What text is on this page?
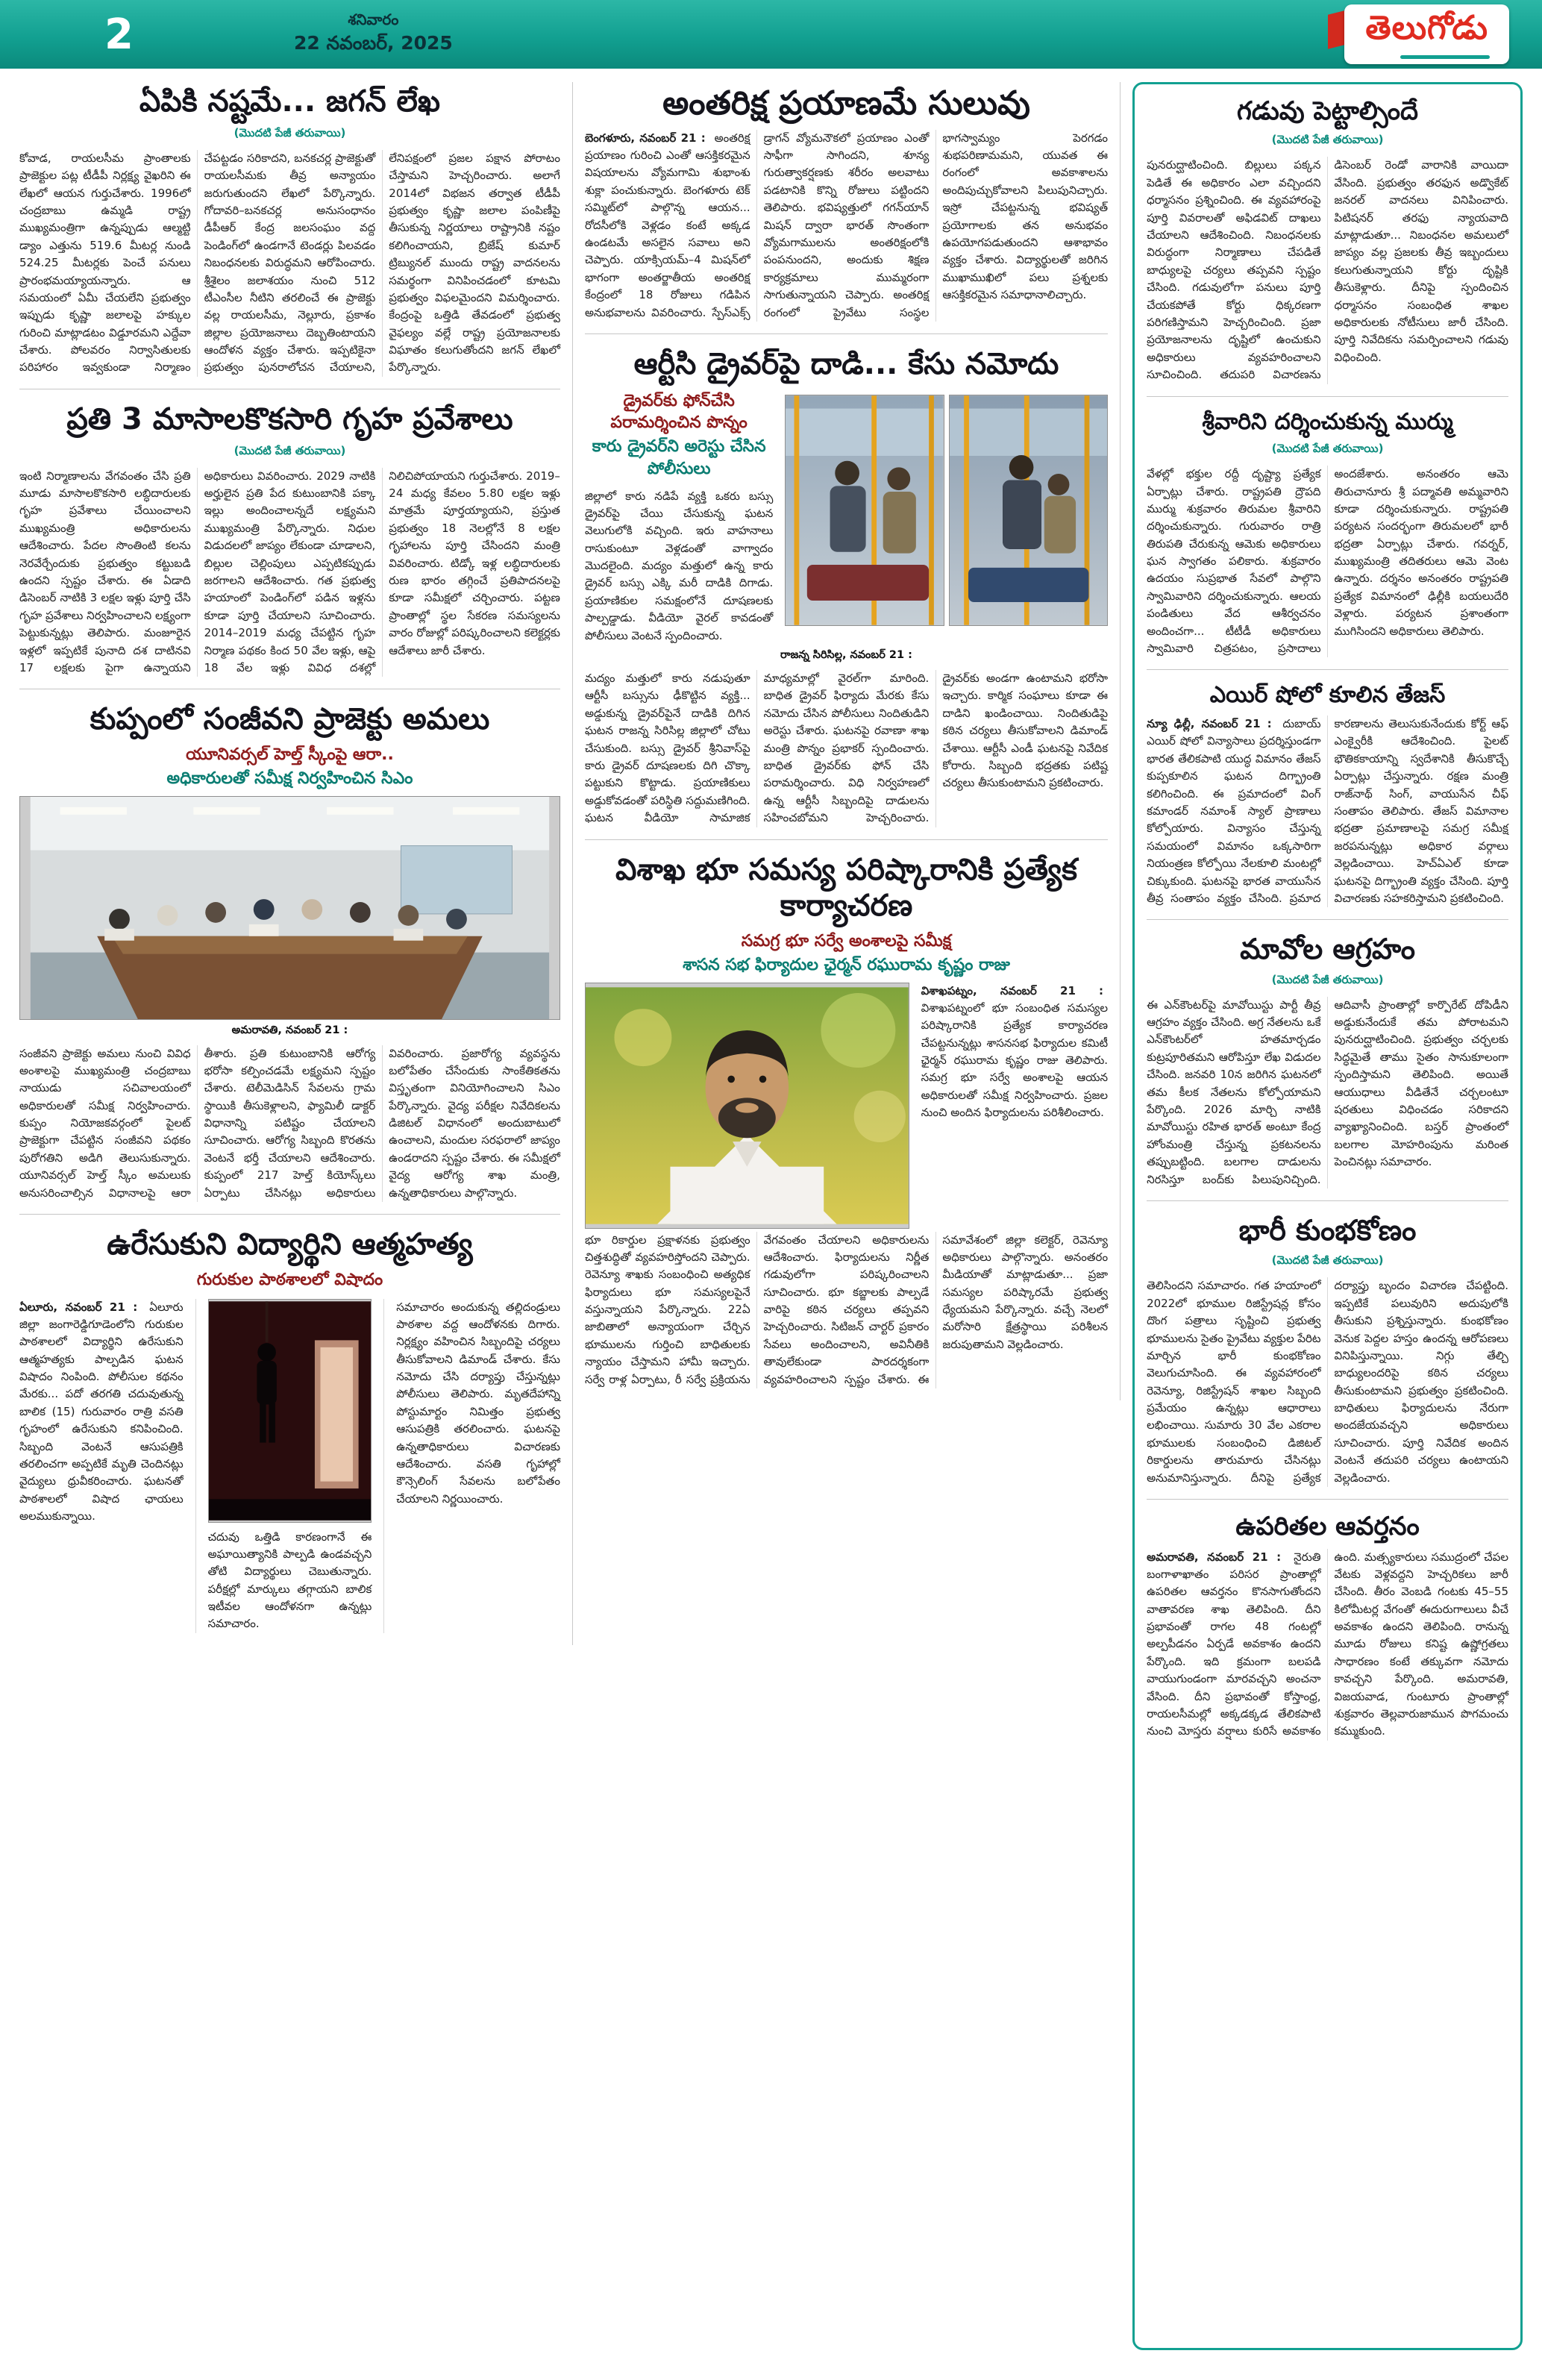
2	శనివారం
22 నవంబర్, 2025	తెలుగోడు
ఏపికి నష్టమే... జగన్ లేఖ
(మొదటి పేజీ తరువాయి)
కోవాడ, రాయలసీమ ప్రాంతాలకు ప్రాజెక్టుల పట్ల టీడీపీ నిర్లక్ష్య వైఖరిని ఈ లేఖలో ఆయన గుర్తుచేశారు. 1996లో చంద్రబాబు ఉమ్మడి రాష్ట్ర ముఖ్యమంత్రిగా ఉన్నప్పుడు ఆల్మట్టి డ్యాం ఎత్తును 519.6 మీటర్ల నుండి 524.25 మీటర్లకు పెంచే పనులు ప్రారంభమయ్యాయన్నారు. ఆ సమయంలో ఏమీ చేయలేని ప్రభుత్వం ఇప్పుడు కృష్ణా జలాలపై హక్కుల గురించి మాట్లాడటం విడ్డూరమని ఎద్దేవా చేశారు. పోలవరం నిర్వాసితులకు పరిహారం ఇవ్వకుండా నిర్మాణం చేపట్టడం సరికాదని, బనకచర్ల ప్రాజెక్టుతో రాయలసీమకు తీవ్ర అన్యాయం జరుగుతుందని లేఖలో పేర్కొన్నారు. గోదావరి–బనకచర్ల అనుసంధానం డీపీఆర్ కేంద్ర జలసంఘం వద్ద పెండింగ్‌లో ఉండగానే టెండర్లు పిలవడం నిబంధనలకు విరుద్ధమని ఆరోపించారు. శ్రీశైలం జలాశయం నుంచి 512 టీఎంసీల నీటిని తరలించే ఈ ప్రాజెక్టు వల్ల రాయలసీమ, నెల్లూరు, ప్రకాశం జిల్లాల ప్రయోజనాలు దెబ్బతింటాయని ఆందోళన వ్యక్తం చేశారు. ఇప్పటికైనా ప్రభుత్వం పునరాలోచన చేయాలని, లేనిపక్షంలో ప్రజల పక్షాన పోరాటం చేస్తామని హెచ్చరించారు. అలాగే 2014లో విభజన తర్వాత టీడీపీ ప్రభుత్వం కృష్ణా జలాల పంపిణీపై తీసుకున్న నిర్ణయాలు రాష్ట్రానికి నష్టం కలిగించాయని, బ్రిజేష్ కుమార్ ట్రిబ్యునల్ ముందు రాష్ట్ర వాదనలను సమర్థంగా వినిపించడంలో కూటమి ప్రభుత్వం విఫలమైందని విమర్శించారు. కేంద్రంపై ఒత్తిడి తేవడంలో ప్రభుత్వ వైఫల్యం వల్లే రాష్ట్ర ప్రయోజనాలకు విఘాతం కలుగుతోందని జగన్ లేఖలో పేర్కొన్నారు.
ప్రతి 3 మాసాలకొకసారి గృహ ప్రవేశాలు
(మొదటి పేజీ తరువాయి)
ఇంటి నిర్మాణాలను వేగవంతం చేసి ప్రతి మూడు మాసాలకొకసారి లబ్ధిదారులకు గృహ ప్రవేశాలు చేయించాలని ముఖ్యమంత్రి అధికారులను ఆదేశించారు. పేదల సొంతింటి కలను నెరవేర్చేందుకు ప్రభుత్వం కట్టుబడి ఉందని స్పష్టం చేశారు. ఈ ఏడాది డిసెంబర్ నాటికి 3 లక్షల ఇళ్లు పూర్తి చేసి గృహ ప్రవేశాలు నిర్వహించాలని లక్ష్యంగా పెట్టుకున్నట్లు తెలిపారు. మంజూరైన ఇళ్లలో ఇప్పటికే పునాది దశ దాటినవి 17 లక్షలకు పైగా ఉన్నాయని అధికారులు వివరించారు. 2029 నాటికి అర్హులైన ప్రతి పేద కుటుంబానికి పక్కా ఇల్లు అందించాలన్నదే లక్ష్యమని ముఖ్యమంత్రి పేర్కొన్నారు. నిధుల విడుదలలో జాప్యం లేకుండా చూడాలని, బిల్లుల చెల్లింపులు ఎప్పటికప్పుడు జరగాలని ఆదేశించారు. గత ప్రభుత్వ హయాంలో పెండింగ్‌లో పడిన ఇళ్లను కూడా పూర్తి చేయాలని సూచించారు. 2014–2019 మధ్య చేపట్టిన గృహ నిర్మాణ పథకం కింద 50 వేల ఇళ్లు, ఆపై 18 వేల ఇళ్లు వివిధ దశల్లో నిలిచిపోయాయని గుర్తుచేశారు. 2019–24 మధ్య కేవలం 5.80 లక్షల ఇళ్లు మాత్రమే పూర్తయ్యాయని, ప్రస్తుత ప్రభుత్వం 18 నెలల్లోనే 8 లక్షల గృహాలను పూర్తి చేసిందని మంత్రి వివరించారు. టిడ్కో ఇళ్ల లబ్ధిదారులకు రుణ భారం తగ్గించే ప్రతిపాదనలపై కూడా సమీక్షలో చర్చించారు. పట్టణ ప్రాంతాల్లో స్థల సేకరణ సమస్యలను వారం రోజుల్లో పరిష్కరించాలని కలెక్టర్లకు ఆదేశాలు జారీ చేశారు.
కుప్పంలో సంజీవని ప్రాజెక్టు అమలు
యూనివర్సల్ హెల్త్ స్కీంపై ఆరా..
అధికారులతో సమీక్ష నిర్వహించిన సిఎం
అమరావతి, నవంబర్ 21 :
సంజీవని ప్రాజెక్టు అమలు నుంచి వివిధ అంశాలపై ముఖ్యమంత్రి చంద్రబాబు నాయుడు సచివాలయంలో అధికారులతో సమీక్ష నిర్వహించారు. కుప్పం నియోజకవర్గంలో పైలట్ ప్రాజెక్టుగా చేపట్టిన సంజీవని పథకం పురోగతిని అడిగి తెలుసుకున్నారు. యూనివర్సల్ హెల్త్ స్కీం అమలుకు అనుసరించాల్సిన విధానాలపై ఆరా తీశారు. ప్రతి కుటుంబానికి ఆరోగ్య భరోసా కల్పించడమే లక్ష్యమని స్పష్టం చేశారు. టెలీమెడిసిన్ సేవలను గ్రామ స్థాయికి తీసుకెళ్లాలని, ఫ్యామిలీ డాక్టర్ విధానాన్ని పటిష్టం చేయాలని సూచించారు. ఆరోగ్య సిబ్బంది కొరతను వెంటనే భర్తీ చేయాలని ఆదేశించారు. కుప్పంలో 217 హెల్త్ కియోస్క్‌లు ఏర్పాటు చేసినట్లు అధికారులు వివరించారు. ప్రజారోగ్య వ్యవస్థను బలోపేతం చేసేందుకు సాంకేతికతను విస్తృతంగా వినియోగించాలని సిఎం పేర్కొన్నారు. వైద్య పరీక్షల నివేదికలను డిజిటల్ విధానంలో అందుబాటులో ఉంచాలని, మందుల సరఫరాలో జాప్యం ఉండరాదని స్పష్టం చేశారు. ఈ సమీక్షలో వైద్య ఆరోగ్య శాఖ మంత్రి, ఉన్నతాధికారులు పాల్గొన్నారు.
ఉరేసుకుని విద్యార్థిని ఆత్మహత్య
గురుకుల పాఠశాలలో విషాదం
ఏలూరు, నవంబర్ 21 : ఏలూరు జిల్లా జంగారెడ్డిగూడెంలోని గురుకుల పాఠశాలలో విద్యార్థిని ఉరేసుకుని ఆత్మహత్యకు పాల్పడిన ఘటన విషాదం నింపింది. పోలీసుల కథనం మేరకు... పదో తరగతి చదువుతున్న బాలిక (15) గురువారం రాత్రి వసతి గృహంలో ఉరేసుకుని కనిపించింది. సిబ్బంది వెంటనే ఆసుపత్రికి తరలించగా అప్పటికే మృతి చెందినట్లు వైద్యులు ధ్రువీకరించారు. ఘటనతో పాఠశాలలో విషాద ఛాయలు అలముకున్నాయి.
చదువు ఒత్తిడి కారణంగానే ఈ అఘాయిత్యానికి పాల్పడి ఉండవచ్చని తోటి విద్యార్థులు చెబుతున్నారు. పరీక్షల్లో మార్కులు తగ్గాయని బాలిక ఇటీవల ఆందోళనగా ఉన్నట్లు సమాచారం.
సమాచారం అందుకున్న తల్లిదండ్రులు పాఠశాల వద్ద ఆందోళనకు దిగారు. నిర్లక్ష్యం వహించిన సిబ్బందిపై చర్యలు తీసుకోవాలని డిమాండ్ చేశారు. కేసు నమోదు చేసి దర్యాప్తు చేస్తున్నట్లు పోలీసులు తెలిపారు. మృతదేహాన్ని పోస్టుమార్టం నిమిత్తం ప్రభుత్వ ఆసుపత్రికి తరలించారు. ఘటనపై ఉన్నతాధికారులు విచారణకు ఆదేశించారు. వసతి గృహాల్లో కౌన్సెలింగ్ సేవలను బలోపేతం చేయాలని నిర్ణయించారు.
అంతరిక్ష ప్రయాణమే సులువు
బెంగళూరు, నవంబర్ 21 : అంతరిక్ష ప్రయాణం గురించి ఎంతో ఆసక్తికరమైన విషయాలను వ్యోమగామి శుభాంశు శుక్లా పంచుకున్నారు. బెంగళూరు టెక్ సమ్మిట్‌లో పాల్గొన్న ఆయన... రోదసీలోకి వెళ్లడం కంటే అక్కడ ఉండటమే అసలైన సవాలు అని చెప్పారు. యాక్సియమ్–4 మిషన్‌లో భాగంగా అంతర్జాతీయ అంతరిక్ష కేంద్రంలో 18 రోజులు గడిపిన అనుభవాలను వివరించారు. స్పేస్‌ఎక్స్ డ్రాగన్ వ్యోమనౌకలో ప్రయాణం ఎంతో సాఫీగా సాగిందని, శూన్య గురుత్వాకర్షణకు శరీరం అలవాటు పడటానికి కొన్ని రోజులు పట్టిందని తెలిపారు. భవిష్యత్తులో గగన్‌యాన్ మిషన్ ద్వారా భారత్ సొంతంగా వ్యోమగాములను అంతరిక్షంలోకి పంపనుందని, అందుకు శిక్షణ కార్యక్రమాలు ముమ్మరంగా సాగుతున్నాయని చెప్పారు. అంతరిక్ష రంగంలో ప్రైవేటు సంస్థల భాగస్వామ్యం పెరగడం శుభపరిణామమని, యువత ఈ రంగంలో అవకాశాలను అందిపుచ్చుకోవాలని పిలుపునిచ్చారు. ఇస్రో చేపట్టనున్న భవిష్యత్ ప్రయోగాలకు తన అనుభవం ఉపయోగపడుతుందని ఆశాభావం వ్యక్తం చేశారు. విద్యార్థులతో జరిగిన ముఖాముఖిలో పలు ప్రశ్నలకు ఆసక్తికరమైన సమాధానాలిచ్చారు.
ఆర్టీసి డ్రైవర్‌పై దాడి... కేసు నమోదు
డ్రైవర్‌కు ఫోన్‌చేసి పరామర్శించిన పొన్నం
కారు డ్రైవర్‌ని అరెస్టు చేసిన పోలీసులు
జిల్లాలో కారు నడిపే వ్యక్తి ఒకరు బస్సు డ్రైవర్‌పై చేయి చేసుకున్న ఘటన వెలుగులోకి వచ్చింది. ఇరు వాహనాలు రాసుకుంటూ వెళ్లడంతో వాగ్వాదం మొదలైంది. మద్యం మత్తులో ఉన్న కారు డ్రైవర్ బస్సు ఎక్కి మరీ దాడికి దిగాడు. ప్రయాణికుల సమక్షంలోనే దూషణలకు పాల్పడ్డాడు. వీడియో వైరల్ కావడంతో పోలీసులు వెంటనే స్పందించారు.
రాజన్న సిరిసిల్ల, నవంబర్ 21 :
మద్యం మత్తులో కారు నడుపుతూ ఆర్టీసీ బస్సును ఢీకొట్టిన వ్యక్తి... అడ్డుకున్న డ్రైవర్‌పైనే దాడికి దిగిన ఘటన రాజన్న సిరిసిల్ల జిల్లాలో చోటు చేసుకుంది. బస్సు డ్రైవర్ శ్రీనివాస్‌పై కారు డ్రైవర్ దూషణలకు దిగి చొక్కా పట్టుకుని కొట్టాడు. ప్రయాణికులు అడ్డుకోవడంతో పరిస్థితి సద్దుమణిగింది. ఘటన వీడియో సామాజిక మాధ్యమాల్లో వైరల్‌గా మారింది. బాధిత డ్రైవర్ ఫిర్యాదు మేరకు కేసు నమోదు చేసిన పోలీసులు నిందితుడిని అరెస్టు చేశారు. ఘటనపై రవాణా శాఖ మంత్రి పొన్నం ప్రభాకర్ స్పందించారు. బాధిత డ్రైవర్‌కు ఫోన్ చేసి పరామర్శించారు. విధి నిర్వహణలో ఉన్న ఆర్టీసీ సిబ్బందిపై దాడులను సహించబోమని హెచ్చరించారు. డ్రైవర్‌కు అండగా ఉంటామని భరోసా ఇచ్చారు. కార్మిక సంఘాలు కూడా ఈ దాడిని ఖండించాయి. నిందితుడిపై కఠిన చర్యలు తీసుకోవాలని డిమాండ్ చేశాయి. ఆర్టీసీ ఎండీ ఘటనపై నివేదిక కోరారు. సిబ్బంది భద్రతకు పటిష్ట చర్యలు తీసుకుంటామని ప్రకటించారు.
విశాఖ భూ సమస్య పరిష్కారానికి ప్రత్యేక కార్యాచరణ
సమగ్ర భూ సర్వే అంశాలపై సమీక్ష
శాసన సభ ఫిర్యాదుల ఛైర్మన్ రఘురామ కృష్ణం రాజు
విశాఖపట్నం, నవంబర్ 21 : విశాఖపట్నంలో భూ సంబంధిత సమస్యల పరిష్కారానికి ప్రత్యేక కార్యాచరణ చేపట్టనున్నట్లు శాసనసభ ఫిర్యాదుల కమిటీ ఛైర్మన్ రఘురామ కృష్ణం రాజు తెలిపారు. సమగ్ర భూ సర్వే అంశాలపై ఆయన అధికారులతో సమీక్ష నిర్వహించారు. ప్రజల నుంచి అందిన ఫిర్యాదులను పరిశీలించారు.
భూ రికార్డుల ప్రక్షాళనకు ప్రభుత్వం చిత్తశుద్ధితో వ్యవహరిస్తోందని చెప్పారు. రెవెన్యూ శాఖకు సంబంధించి అత్యధిక ఫిర్యాదులు భూ సమస్యలపైనే వస్తున్నాయని పేర్కొన్నారు. 22ఏ జాబితాలో అన్యాయంగా చేర్చిన భూములను గుర్తించి బాధితులకు న్యాయం చేస్తామని హామీ ఇచ్చారు. సర్వే రాళ్ల ఏర్పాటు, రీ సర్వే ప్రక్రియను వేగవంతం చేయాలని అధికారులను ఆదేశించారు. ఫిర్యాదులను నిర్ణీత గడువులోగా పరిష్కరించాలని సూచించారు. భూ కబ్జాలకు పాల్పడే వారిపై కఠిన చర్యలు తప్పవని హెచ్చరించారు. సిటిజన్ చార్టర్ ప్రకారం సేవలు అందించాలని, అవినీతికి తావులేకుండా పారదర్శకంగా వ్యవహరించాలని స్పష్టం చేశారు. ఈ సమావేశంలో జిల్లా కలెక్టర్, రెవెన్యూ అధికారులు పాల్గొన్నారు. అనంతరం మీడియాతో మాట్లాడుతూ... ప్రజా సమస్యల పరిష్కారమే ప్రభుత్వ ధ్యేయమని పేర్కొన్నారు. వచ్చే నెలలో మరోసారి క్షేత్రస్థాయి పరిశీలన జరుపుతామని వెల్లడించారు.
గడువు పెట్టాల్సిందే
(మొదటి పేజీ తరువాయి)
పునరుద్ఘాటించింది. బిల్లులు పక్కన పెడితే ఈ అధికారం ఎలా వచ్చిందని ధర్మాసనం ప్రశ్నించింది. ఈ వ్యవహారంపై పూర్తి వివరాలతో అఫిడవిట్ దాఖలు చేయాలని ఆదేశించింది. నిబంధనలకు విరుద్ధంగా నిర్మాణాలు చేపడితే బాధ్యులపై చర్యలు తప్పవని స్పష్టం చేసింది. గడువులోగా పనులు పూర్తి చేయకపోతే కోర్టు ధిక్కరణగా పరిగణిస్తామని హెచ్చరించింది. ప్రజా ప్రయోజనాలను దృష్టిలో ఉంచుకుని అధికారులు వ్యవహరించాలని సూచించింది. తదుపరి విచారణను డిసెంబర్ రెండో వారానికి వాయిదా వేసింది. ప్రభుత్వం తరఫున అడ్వొకేట్ జనరల్ వాదనలు వినిపించారు. పిటిషనర్ తరఫు న్యాయవాది మాట్లాడుతూ... నిబంధనల అమలులో జాప్యం వల్ల ప్రజలకు తీవ్ర ఇబ్బందులు కలుగుతున్నాయని కోర్టు దృష్టికి తీసుకెళ్లారు. దీనిపై స్పందించిన ధర్మాసనం సంబంధిత శాఖల అధికారులకు నోటీసులు జారీ చేసింది. పూర్తి నివేదికను సమర్పించాలని గడువు విధించింది.
శ్రీవారిని దర్శించుకున్న ముర్ము
(మొదటి పేజీ తరువాయి)
వేళల్లో భక్తుల రద్దీ దృష్ట్యా ప్రత్యేక ఏర్పాట్లు చేశారు. రాష్ట్రపతి ద్రౌపది ముర్ము శుక్రవారం తిరుమల శ్రీవారిని దర్శించుకున్నారు. గురువారం రాత్రి తిరుపతి చేరుకున్న ఆమెకు అధికారులు ఘన స్వాగతం పలికారు. శుక్రవారం ఉదయం సుప్రభాత సేవలో పాల్గొని స్వామివారిని దర్శించుకున్నారు. ఆలయ పండితులు వేద ఆశీర్వచనం అందించగా... టీటీడీ అధికారులు స్వామివారి చిత్రపటం, ప్రసాదాలు అందజేశారు. అనంతరం ఆమె తిరుచానూరు శ్రీ పద్మావతి అమ్మవారిని కూడా దర్శించుకున్నారు. రాష్ట్రపతి పర్యటన సందర్భంగా తిరుమలలో భారీ భద్రతా ఏర్పాట్లు చేశారు. గవర్నర్, ముఖ్యమంత్రి తదితరులు ఆమె వెంట ఉన్నారు. దర్శనం అనంతరం రాష్ట్రపతి ప్రత్యేక విమానంలో ఢిల్లీకి బయలుదేరి వెళ్లారు. పర్యటన ప్రశాంతంగా ముగిసిందని అధికారులు తెలిపారు.
ఎయిర్ షోలో కూలిన తేజస్
న్యూ ఢిల్లీ, నవంబర్ 21 : దుబాయ్ ఎయిర్ షోలో విన్యాసాలు ప్రదర్శిస్తుండగా భారత తేలికపాటి యుద్ధ విమానం తేజస్ కుప్పకూలిన ఘటన దిగ్భ్రాంతి కలిగించింది. ఈ ప్రమాదంలో వింగ్ కమాండర్ నమాంశ్ స్యాల్ ప్రాణాలు కోల్పోయారు. విన్యాసం చేస్తున్న సమయంలో విమానం ఒక్కసారిగా నియంత్రణ కోల్పోయి నేలకూలి మంటల్లో చిక్కుకుంది. ఘటనపై భారత వాయుసేన తీవ్ర సంతాపం వ్యక్తం చేసింది. ప్రమాద కారణాలను తెలుసుకునేందుకు కోర్ట్ ఆఫ్ ఎంక్వైరీకి ఆదేశించింది. పైలట్ భౌతికకాయాన్ని స్వదేశానికి తీసుకొచ్చే ఏర్పాట్లు చేస్తున్నారు. రక్షణ మంత్రి రాజ్‌నాథ్ సింగ్, వాయుసేన చీఫ్ సంతాపం తెలిపారు. తేజస్ విమానాల భద్రతా ప్రమాణాలపై సమగ్ర సమీక్ష జరపనున్నట్లు అధికార వర్గాలు వెల్లడించాయి. హెచ్ఏఎల్ కూడా ఘటనపై దిగ్భ్రాంతి వ్యక్తం చేసింది. పూర్తి విచారణకు సహకరిస్తామని ప్రకటించింది.
మావోల ఆగ్రహం
(మొదటి పేజీ తరువాయి)
ఈ ఎన్‌కౌంటర్‌పై మావోయిస్టు పార్టీ తీవ్ర ఆగ్రహం వ్యక్తం చేసింది. అగ్ర నేతలను ఒకే ఎన్‌కౌంటర్‌లో హతమార్చడం కుట్రపూరితమని ఆరోపిస్తూ లేఖ విడుదల చేసింది. జనవరి 10న జరిగిన ఘటనలో తమ కీలక నేతలను కోల్పోయామని పేర్కొంది. 2026 మార్చి నాటికి మావోయిస్టు రహిత భారత్ అంటూ కేంద్ర హోంమంత్రి చేస్తున్న ప్రకటనలను తప్పుబట్టింది. బలగాల దాడులను నిరసిస్తూ బంద్‌కు పిలుపునిచ్చింది. ఆదివాసీ ప్రాంతాల్లో కార్పొరేట్ దోపిడీని అడ్డుకునేందుకే తమ పోరాటమని పునరుద్ఘాటించింది. ప్రభుత్వం చర్చలకు సిద్ధమైతే తాము సైతం సానుకూలంగా స్పందిస్తామని తెలిపింది. అయితే ఆయుధాలు వీడితేనే చర్చలంటూ షరతులు విధించడం సరికాదని వ్యాఖ్యానించింది. బస్తర్ ప్రాంతంలో బలగాల మోహరింపును మరింత పెంచినట్లు సమాచారం.
భారీ కుంభకోణం
(మొదటి పేజీ తరువాయి)
తెలిసిందని సమాచారం. గత హయాంలో 2022లో భూముల రిజిస్ట్రేషన్ల కోసం దొంగ పత్రాలు సృష్టించి ప్రభుత్వ భూములను సైతం ప్రైవేటు వ్యక్తుల పేరిట మార్చిన భారీ కుంభకోణం వెలుగుచూసింది. ఈ వ్యవహారంలో రెవెన్యూ, రిజిస్ట్రేషన్ శాఖల సిబ్బంది ప్రమేయం ఉన్నట్లు ఆధారాలు లభించాయి. సుమారు 30 వేల ఎకరాల భూములకు సంబంధించి డిజిటల్ రికార్డులను తారుమారు చేసినట్లు అనుమానిస్తున్నారు. దీనిపై ప్రత్యేక దర్యాప్తు బృందం విచారణ చేపట్టింది. ఇప్పటికే పలువురిని అదుపులోకి తీసుకుని ప్రశ్నిస్తున్నారు. కుంభకోణం వెనుక పెద్దల హస్తం ఉందన్న ఆరోపణలు వినిపిస్తున్నాయి. నిగ్గు తేల్చి బాధ్యులందరిపై కఠిన చర్యలు తీసుకుంటామని ప్రభుత్వం ప్రకటించింది. బాధితులు ఫిర్యాదులను నేరుగా అందజేయవచ్చని అధికారులు సూచించారు. పూర్తి నివేదిక అందిన వెంటనే తదుపరి చర్యలు ఉంటాయని వెల్లడించారు.
ఉపరితల ఆవర్తనం
అమరావతి, నవంబర్ 21 : నైరుతి బంగాళాఖాతం పరిసర ప్రాంతాల్లో ఉపరితల ఆవర్తనం కొనసాగుతోందని వాతావరణ శాఖ తెలిపింది. దీని ప్రభావంతో రాగల 48 గంటల్లో అల్పపీడనం ఏర్పడే అవకాశం ఉందని పేర్కొంది. ఇది క్రమంగా బలపడి వాయుగుండంగా మారవచ్చని అంచనా వేసింది. దీని ప్రభావంతో కోస్తాంధ్ర, రాయలసీమల్లో అక్కడక్కడ తేలికపాటి నుంచి మోస్తరు వర్షాలు కురిసే అవకాశం ఉంది. మత్స్యకారులు సముద్రంలో చేపల వేటకు వెళ్లవద్దని హెచ్చరికలు జారీ చేసింది. తీరం వెంబడి గంటకు 45–55 కిలోమీటర్ల వేగంతో ఈదురుగాలులు వీచే అవకాశం ఉందని తెలిపింది. రానున్న మూడు రోజులు కనిష్ట ఉష్ణోగ్రతలు సాధారణం కంటే తక్కువగా నమోదు కావచ్చని పేర్కొంది. అమరావతి, విజయవాడ, గుంటూరు ప్రాంతాల్లో శుక్రవారం తెల్లవారుజామున పొగమంచు కమ్ముకుంది.
